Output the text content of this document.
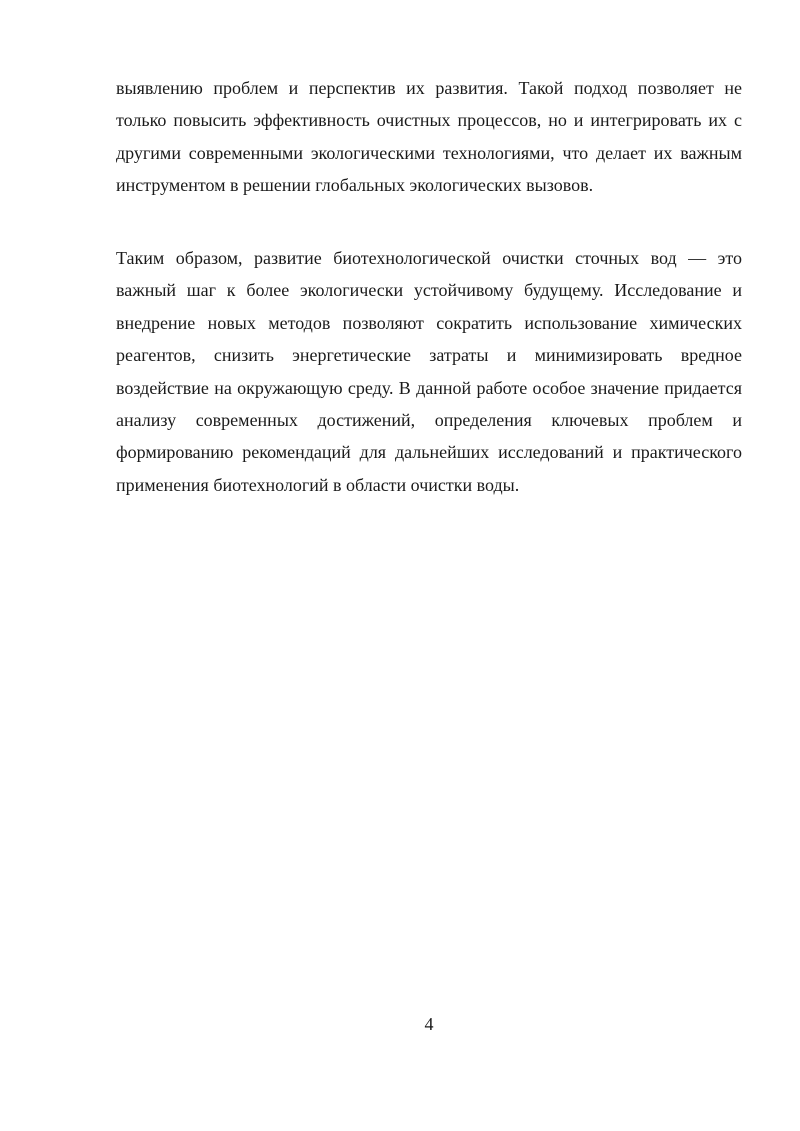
выявлению проблем и перспектив их развития. Такой подход позволяет не только повысить эффективность очистных процессов, но и интегрировать их с другими современными экологическими технологиями, что делает их важным инструментом в решении глобальных экологических вызовов.

Таким образом, развитие биотехнологической очистки сточных вод — это важный шаг к более экологически устойчивому будущему. Исследование и внедрение новых методов позволяют сократить использование химических реагентов, снизить энергетические затраты и минимизировать вредное воздействие на окружающую среду. В данной работе особое значение придается анализу современных достижений, определения ключевых проблем и формированию рекомендаций для дальнейших исследований и практического применения биотехнологий в области очистки воды.

4
